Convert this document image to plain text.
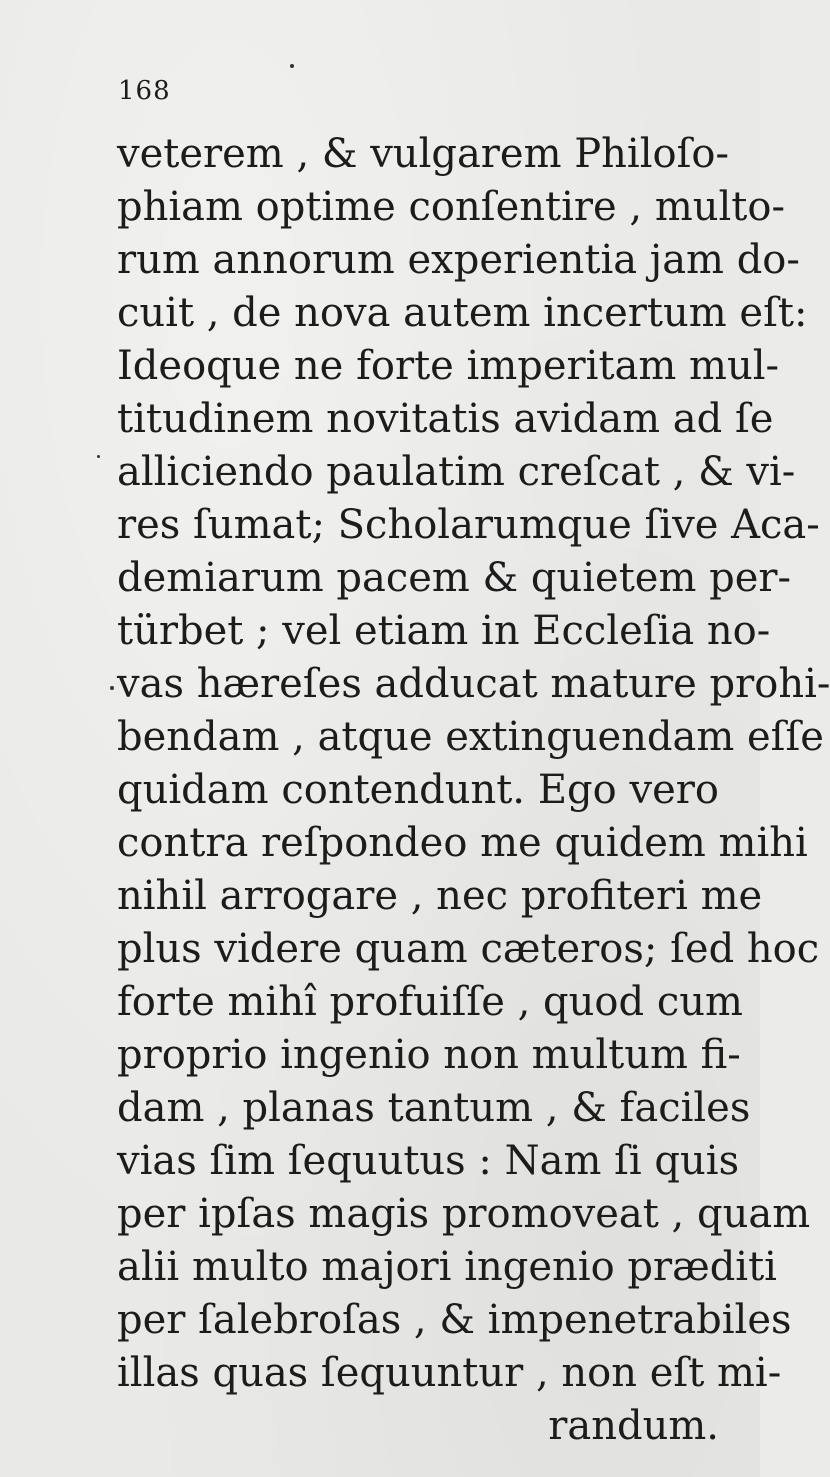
168
veterem , & vulgarem Philoſo-
phiam optime conſentire , multo-
rum annorum experientia jam do-
cuit , de nova autem incertum eſt:
Ideoque ne forte imperitam mul-
titudinem novitatis avidam ad ſe
alliciendo paulatim creſcat , & vi-
res ſumat; Scholarumque ſive Aca-
demiarum pacem & quietem per-
türbet ; vel etiam in Eccleſia no-
vas hæreſes adducat mature prohi-
bendam , atque extinguendam eſſe
quidam contendunt. Ego vero
contra reſpondeo me quidem mihi
nihil arrogare , nec profiteri me
plus videre quam cæteros; ſed hoc
forte mihî profuiſſe , quod cum
proprio ingenio non multum fi-
dam , planas tantum , & faciles
vias ſim ſequutus : Nam ſi quis
per ipſas magis promoveat , quam
alii multo majori ingenio præditi
per ſalebroſas , & impenetrabiles
illas quas ſequuntur , non eſt mi-
randum.
